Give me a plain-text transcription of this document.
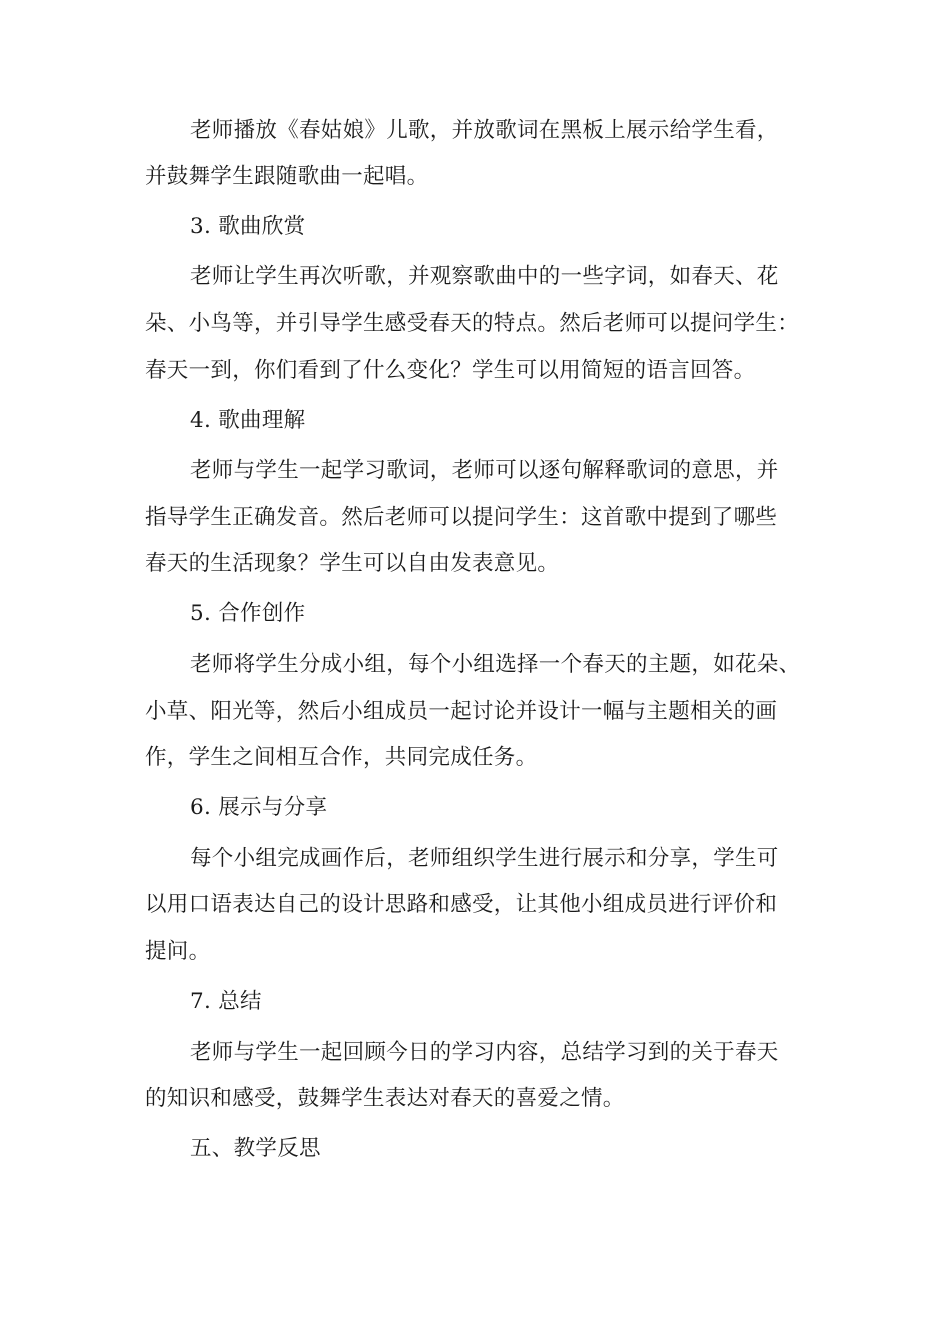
老师播放《春姑娘》儿歌，并放歌词在黑板上展示给学生看，

并鼓舞学生跟随歌曲一起唱。

3. 歌曲欣赏

老师让学生再次听歌，并观察歌曲中的一些字词，如春天、花

朵、小鸟等，并引导学生感受春天的特点。然后老师可以提问学生：

春天一到，你们看到了什么变化？学生可以用简短的语言回答。

4. 歌曲理解

老师与学生一起学习歌词，老师可以逐句解释歌词的意思，并

指导学生正确发音。然后老师可以提问学生：这首歌中提到了哪些

春天的生活现象？学生可以自由发表意见。

5. 合作创作

老师将学生分成小组，每个小组选择一个春天的主题，如花朵、

小草、阳光等，然后小组成员一起讨论并设计一幅与主题相关的画

作，学生之间相互合作，共同完成任务。

6. 展示与分享

每个小组完成画作后，老师组织学生进行展示和分享，学生可

以用口语表达自己的设计思路和感受，让其他小组成员进行评价和

提问。

7. 总结

老师与学生一起回顾今日的学习内容，总结学习到的关于春天

的知识和感受，鼓舞学生表达对春天的喜爱之情。

五、教学反思
